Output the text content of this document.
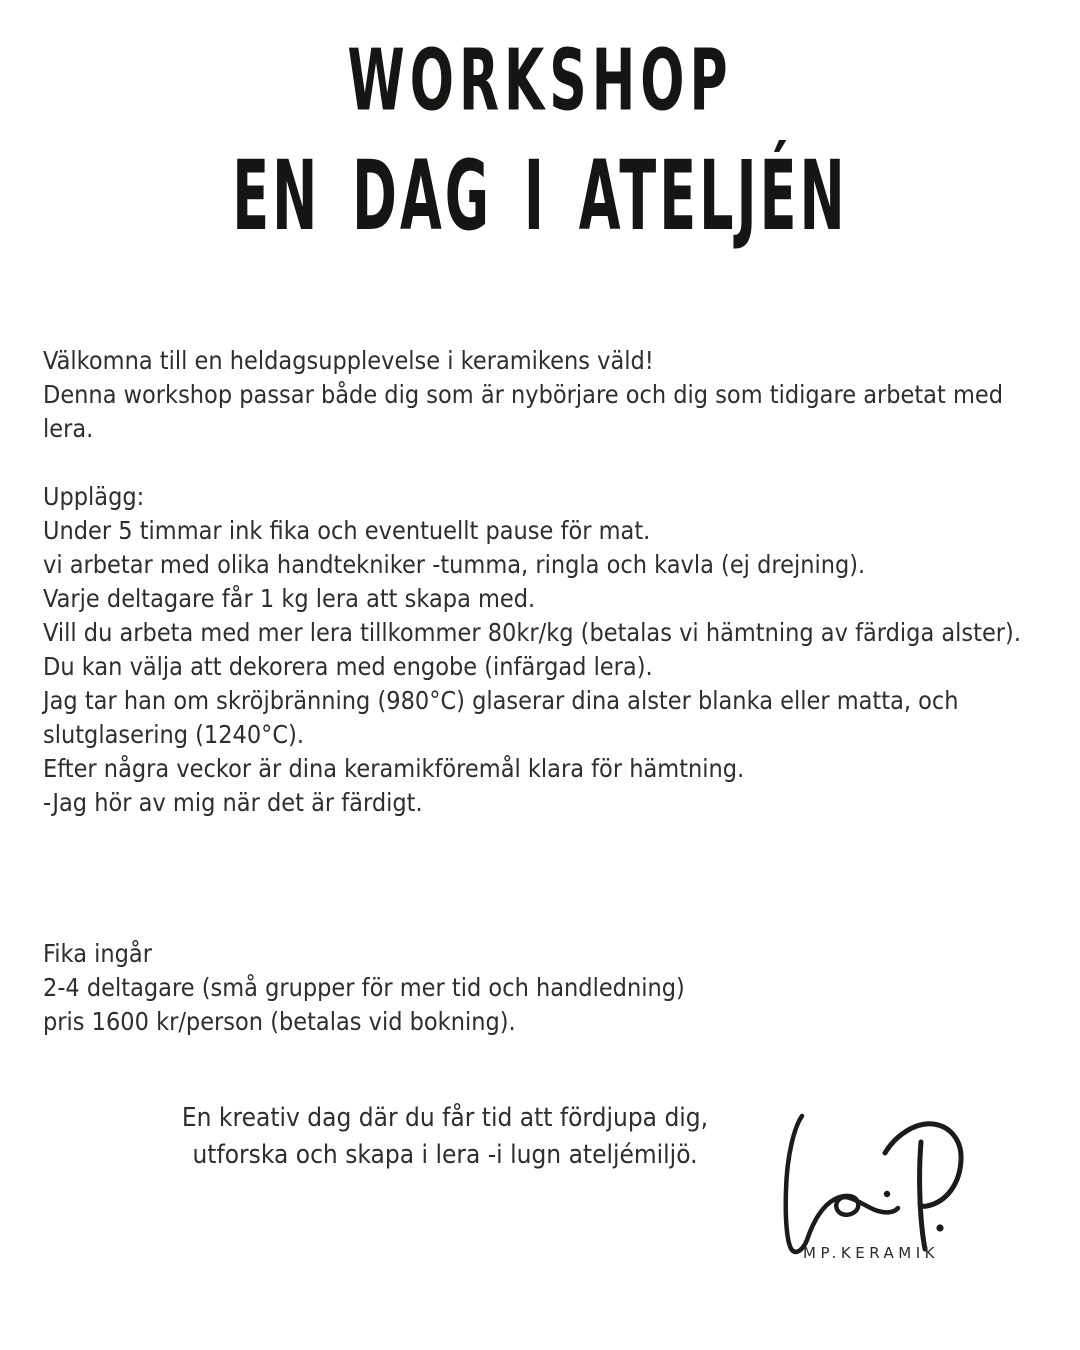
WORKSHOP
EN DAG I ATELJÉN
Välkomna till en heldagsupplevelse i keramikens väld!
Denna workshop passar både dig som är nybörjare och dig som tidigare arbetat med
lera.
Upplägg:
Under 5 timmar ink fika och eventuellt pause för mat.
vi arbetar med olika handtekniker -tumma, ringla och kavla (ej drejning).
Varje deltagare får 1 kg lera att skapa med.
Vill du arbeta med mer lera tillkommer 80kr/kg (betalas vi hämtning av färdiga alster).
Du kan välja att dekorera med engobe (infärgad lera).
Jag tar han om skröjbränning (980°C) glaserar dina alster blanka eller matta, och
slutglasering (1240°C).
Efter några veckor är dina keramikföremål klara för hämtning.
-Jag hör av mig när det är färdigt.
Fika ingår
2-4 deltagare (små grupper för mer tid och handledning)
pris 1600 kr/person (betalas vid bokning).
En kreativ dag där du får tid att fördjupa dig,
utforska och skapa i lera -i lugn ateljémiljö.
MP.KERAMIK
